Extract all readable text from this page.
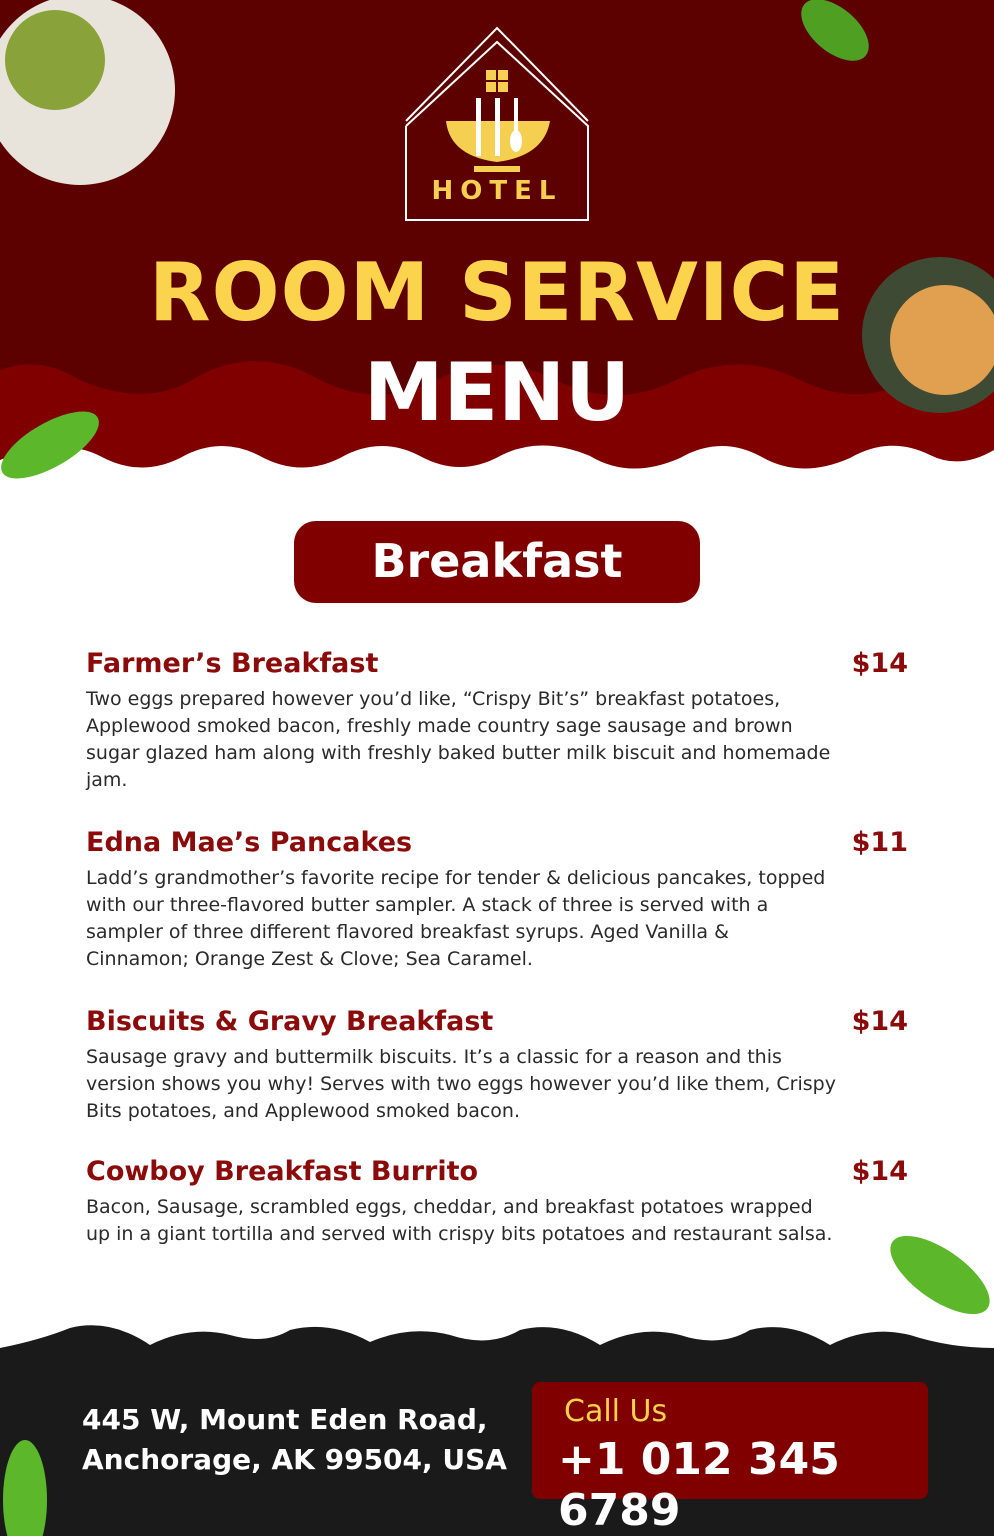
HOTEL
ROOM SERVICE
MENU
Breakfast
Farmer’s Breakfast	$14
Two eggs prepared however you’d like, “Crispy Bit’s” breakfast potatoes, Applewood smoked bacon, freshly made country sage sausage and brown sugar glazed ham along with freshly baked butter milk biscuit and homemade jam.
Edna Mae’s Pancakes	$11
Ladd’s grandmother’s favorite recipe for tender & delicious pancakes, topped with our three-flavored butter sampler. A stack of three is served with a sampler of three different flavored breakfast syrups. Aged Vanilla & Cinnamon; Orange Zest & Clove; Sea Caramel.
Biscuits & Gravy Breakfast	$14
Sausage gravy and buttermilk biscuits. It’s a classic for a reason and this version shows you why! Serves with two eggs however you’d like them, Crispy Bits potatoes, and Applewood smoked bacon.
Cowboy Breakfast Burrito	$14
Bacon, Sausage, scrambled eggs, cheddar, and breakfast potatoes wrapped up in a giant tortilla and served with crispy bits potatoes and restaurant salsa.
445 W, Mount Eden Road,
Anchorage, AK 99504, USA
Call Us
+1 012 345 6789
